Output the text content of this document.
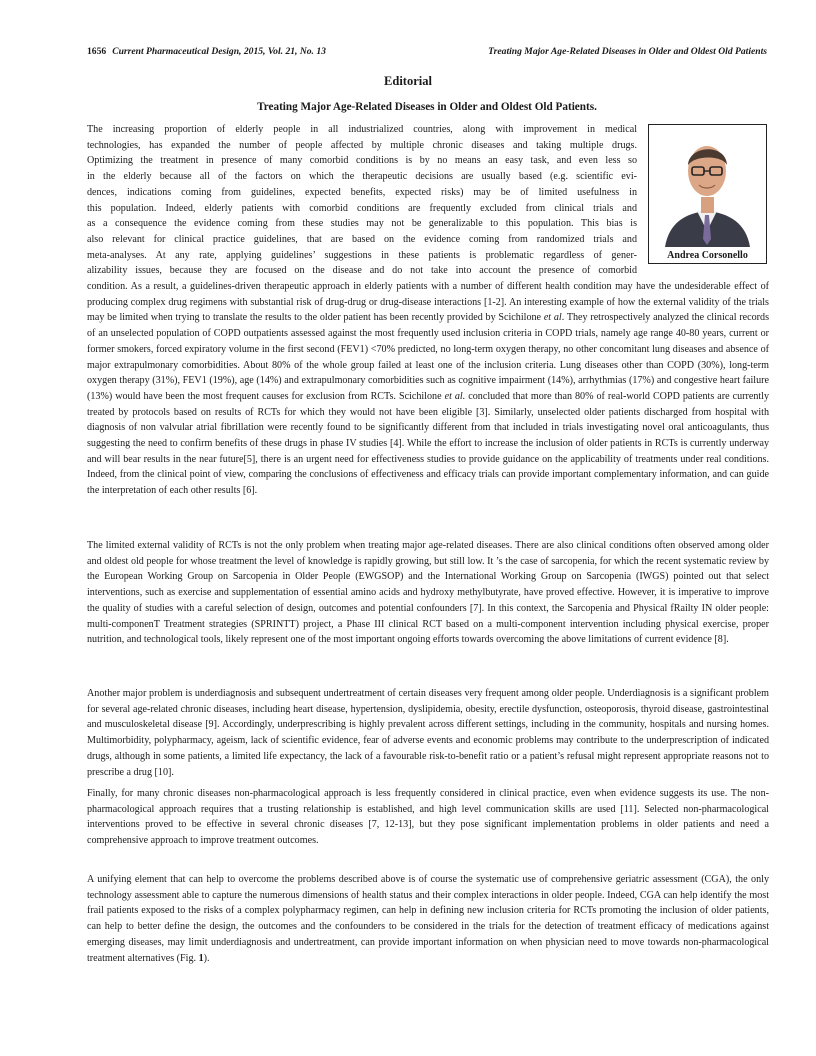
1656 Current Pharmaceutical Design, 2015, Vol. 21, No. 13	Treating Major Age-Related Diseases in Older and Oldest Old Patients
Editorial
Treating Major Age-Related Diseases in Older and Oldest Old Patients.
Andrea Corsonello
The increasing proportion of elderly people in all industrialized countries, along with improvement in medical
technologies, has expanded the number of people affected by multiple chronic diseases and taking multiple drugs.
Optimizing the treatment in presence of many comorbid conditions is by no means an easy task, and even less so
in the elderly because all of the factors on which the therapeutic decisions are usually based (e.g. scientific evi-
dences, indications coming from guidelines, expected benefits, expected risks) may be of limited usefulness in
this population. Indeed, elderly patients with comorbid conditions are frequently excluded from clinical trials and
as a consequence the evidence coming from these studies may not be generalizable to this population. This bias is
also relevant for clinical practice guidelines, that are based on the evidence coming from randomized trials and
meta-analyses. At any rate, applying guidelines’ suggestions in these patients is problematic regardless of gener-
alizability issues, because they are focused on the disease and do not take into account the presence of comorbid
condition. As a result, a guidelines-driven therapeutic approach in elderly patients with a number of different health condition may have the undesiderable effect of producing complex drug regimens with substantial risk of drug-drug or drug-disease interactions [1-2]. An interesting example of how the external validity of the trials may be limited when trying to translate the results to the older patient has been recently provided by Scichilone et al. They retrospectively analyzed the clinical records of an unselected population of COPD outpatients assessed against the most frequently used inclusion criteria in COPD trials, namely age range 40-80 years, current or former smokers, forced expiratory volume in the first second (FEV1) <70% predicted, no long-term oxygen therapy, no other concomitant lung diseases and absence of major extrapulmonary comorbidities. About 80% of the whole group failed at least one of the inclusion criteria. Lung diseases other than COPD (30%), long-term oxygen therapy (31%), FEV1 (19%), age (14%) and extrapulmonary comorbidities such as cognitive impairment (14%), arrhythmias (17%) and congestive heart failure (13%) would have been the most frequent causes for exclusion from RCTs. Scichilone et al. concluded that more than 80% of real-world COPD patients are currently treated by protocols based on results of RCTs for which they would not have been eligible [3]. Similarly, unselected older patients discharged from hospital with diagnosis of non valvular atrial fibrillation were recently found to be significantly different from that included in trials investigating novel oral anticoagulants, thus suggesting the need to confirm benefits of these drugs in phase IV studies [4]. While the effort to increase the inclusion of older patients in RCTs is currently underway and will bear results in the near future[5], there is an urgent need for effectiveness studies to provide guidance on the applicability of treatments under real conditions. Indeed, from the clinical point of view, comparing the conclusions of effectiveness and efficacy trials can provide important complementary information, and can guide the interpretation of each other results [6].

The limited external validity of RCTs is not the only problem when treating major age-related diseases. There are also clinical conditions often observed among older and oldest old people for whose treatment the level of knowledge is rapidly growing, but still low. It ’s the case of sarcopenia, for which the recent systematic review by the European Working Group on Sarcopenia in Older People (EWGSOP) and the International Working Group on Sarcopenia (IWGS) pointed out that select interventions, such as exercise and supplementation of essential amino acids and hydroxy methylbutyrate, have proved effective. However, it is imperative to improve the quality of studies with a careful selection of design, outcomes and potential confounders [7]. In this context, the Sarcopenia and Physical fRailty IN older people: multi-componenT Treatment strategies (SPRINTT) project, a Phase III clinical RCT based on a multi-component intervention including physical exercise, proper nutrition, and technological tools, likely represent one of the most important ongoing efforts towards overcoming the above limitations of current evidence [8].

Another major problem is underdiagnosis and subsequent undertreatment of certain diseases very frequent among older people. Underdiagnosis is a significant problem for several age-related chronic diseases, including heart disease, hypertension, dyslipidemia, obesity, erectile dysfunction, osteoporosis, thyroid disease, gastrointestinal and musculoskeletal disease [9]. Accordingly, underprescribing is highly prevalent across different settings, including in the community, hospitals and nursing homes. Multimorbidity, polypharmacy, ageism, lack of scientific evidence, fear of adverse events and economic problems may contribute to the underprescription of indicated drugs, although in some patients, a limited life expectancy, the lack of a favourable risk-to-benefit ratio or a patient’s refusal might represent appropriate reasons not to prescribe a drug [10].

Finally, for many chronic diseases non-pharmacological approach is less frequently considered in clinical practice, even when evidence suggests its use. The non-pharmacological approach requires that a trusting relationship is established, and high level communication skills are used [11]. Selected non-pharmacological interventions proved to be effective in several chronic diseases [7, 12-13], but they pose significant implementation problems in older patients and need a comprehensive approach to improve treatment outcomes.

A unifying element that can help to overcome the problems described above is of course the systematic use of comprehensive geriatric assessment (CGA), the only technology assessment able to capture the numerous dimensions of health status and their complex interactions in older people. Indeed, CGA can help identify the most frail patients exposed to the risks of a complex polypharmacy regimen, can help in defining new inclusion criteria for RCTs promoting the inclusion of older patients, can help to better define the design, the outcomes and the confounders to be considered in the trials for the detection of treatment efficacy of medications against emerging diseases, may limit underdiagnosis and undertreatment, can provide important information on when physician need to move towards non-pharmacological treatment alternatives (Fig. 1).
